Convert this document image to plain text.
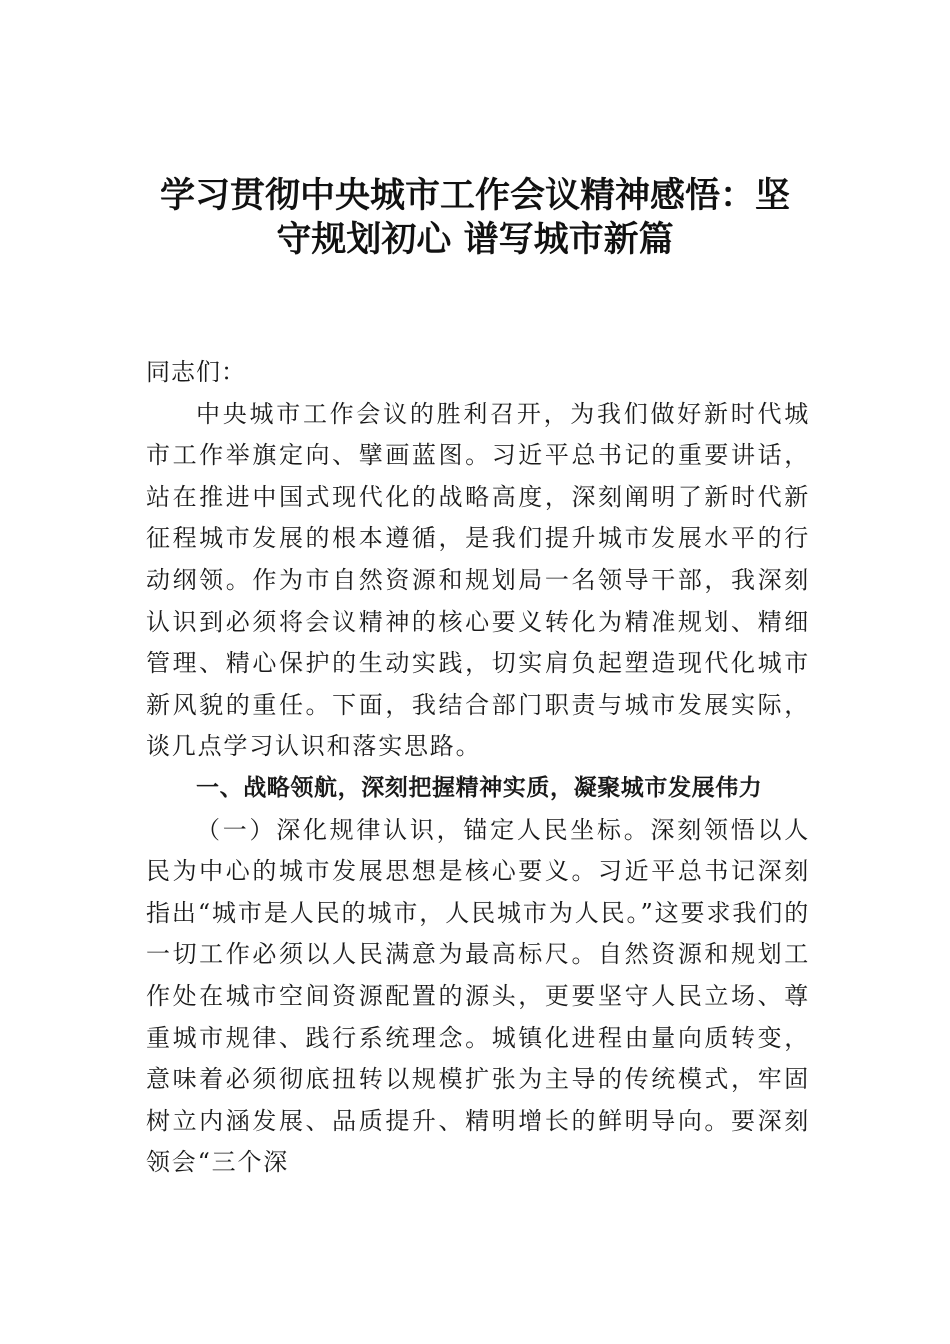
学习贯彻中央城市工作会议精神感悟：坚
守规划初心 谱写城市新篇

同志们：

中央城市工作会议的胜利召开，为我们做好新时代城市工作举旗定向、擘画蓝图。习近平总书记的重要讲话，站在推进中国式现代化的战略高度，深刻阐明了新时代新征程城市发展的根本遵循，是我们提升城市发展水平的行动纲领。作为市自然资源和规划局一名领导干部，我深刻认识到必须将会议精神的核心要义转化为精准规划、精细管理、精心保护的生动实践，切实肩负起塑造现代化城市新风貌的重任。下面，我结合部门职责与城市发展实际，谈几点学习认识和落实思路。

一、战略领航，深刻把握精神实质，凝聚城市发展伟力

（一）深化规律认识，锚定人民坐标。深刻领悟以人民为中心的城市发展思想是核心要义。习近平总书记深刻指出“城市是人民的城市，人民城市为人民。”这要求我们的一切工作必须以人民满意为最高标尺。自然资源和规划工作处在城市空间资源配置的源头，更要坚守人民立场、尊重城市规律、践行系统理念。城镇化进程由量向质转变，意味着必须彻底扭转以规模扩张为主导的传统模式，牢固树立内涵发展、品质提升、精明增长的鲜明导向。要深刻领会“三个深
